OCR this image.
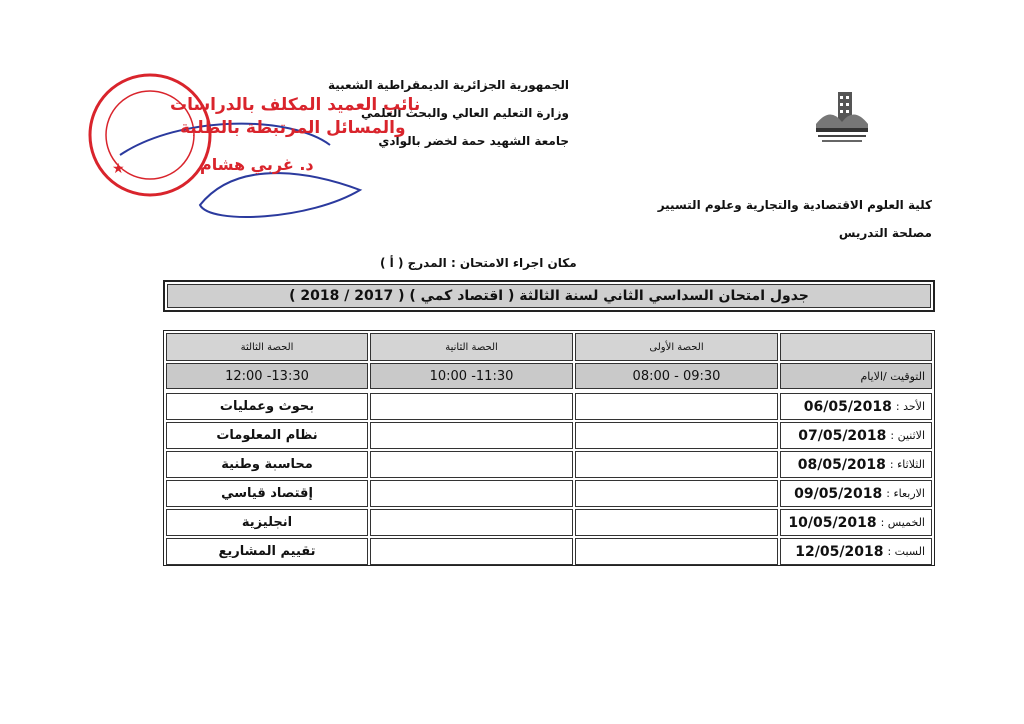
الجمهورية الجزائرية الديمقراطية الشعبية
وزارة التعليم العالي والبحث العلمي
جامعة الشهيد حمة لخضر بالوادي
★
نائب العميد المكلف بالدراسات
والمسائل المرتبطة بالطلبة
د. غربي هشام
كلية العلوم الاقتصادية والتجارية وعلوم التسيير
مصلحة التدريس
مكان اجراء الامتحان : المدرج ( أ )
جدول امتحان السداسي الثاني لسنة الثالثة ( اقتصاد كمي ) ( 2017 / 2018 )
الحصة الأولى
الحصة الثانية
الحصة الثالثة
التوقيت /الايام
08:00 - 09:30
10:00 -11:30
12:00 -13:30
الأحد :
06/05/2018
بحوث وعمليات
الاثنين :
07/05/2018
نظام المعلومات
الثلاثاء :
08/05/2018
محاسبة وطنية
الاربعاء :
09/05/2018
إقتصاد قياسي
الخميس :
10/05/2018
انجليزية
السبت :
12/05/2018
تقييم المشاريع
